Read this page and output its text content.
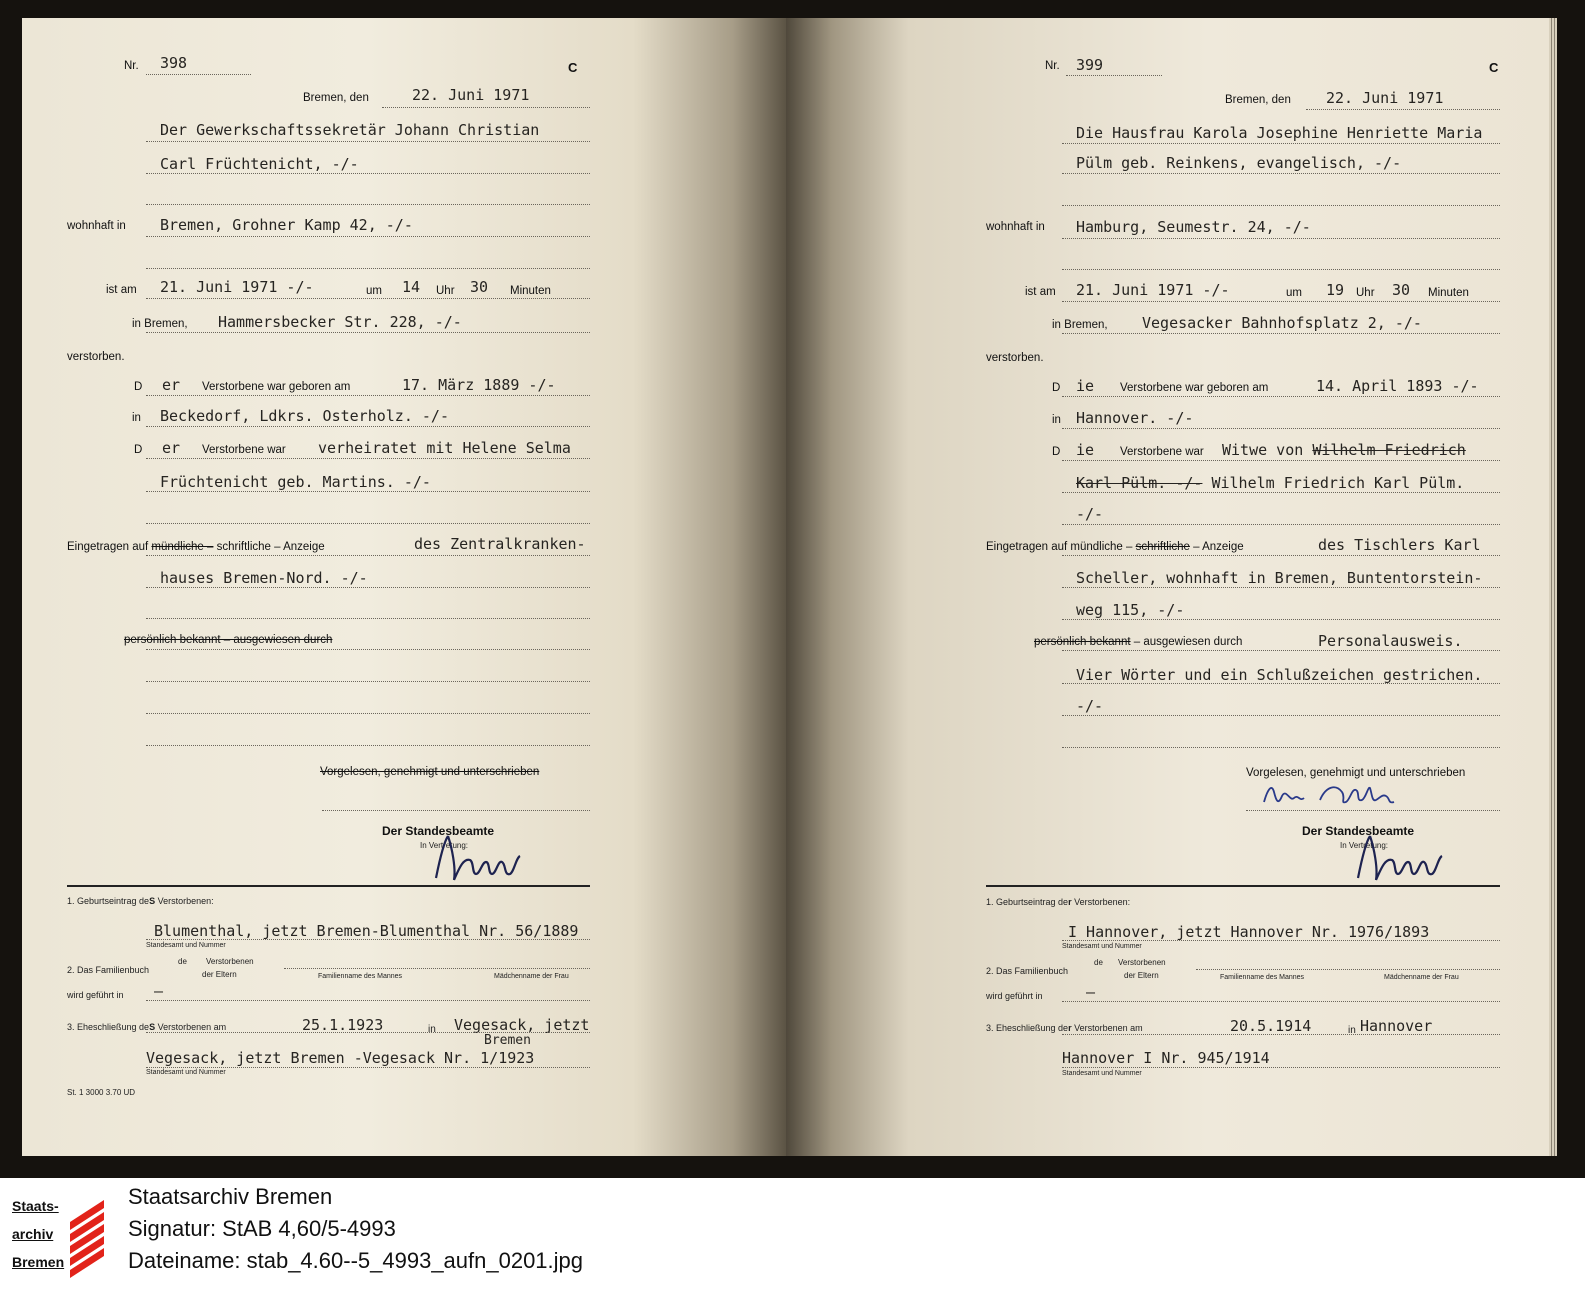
Nr. 398	C
Bremen, den	22. Juni 1971
Der Gewerkschaftssekretär Johann Christian
Carl Früchtenicht, -/-
wohnhaft in Bremen, Grohner Kamp 42, -/-
ist am 21. Juni 1971 -/-	um 14 Uhr 30 Minuten
in Bremen, Hammersbecker Str. 228, -/-
verstorben.
D er Verstorbene war geboren am	17. März 1889 -/-
in Beckedorf, Ldkrs. Osterholz. -/-
D er Verstorbene war verheiratet mit Helene Selma
Früchtenicht geb. Martins. -/-
Eingetragen auf mündliche – schriftliche – Anzeige	des Zentralkranken-
hauses Bremen-Nord. -/-
persönlich bekannt – ausgewiesen durch
Vorgelesen, genehmigt und unterschrieben
Der Standesbeamte
In Vertretung:
1. Geburtseintrag deS Verstorbenen:
Blumenthal, jetzt Bremen-Blumenthal Nr. 56/1889
Standesamt und Nummer
2. Das Familienbuch
de Verstorbenen
der Eltern	Familienname des Mannes	Mädchenname der Frau
wird geführt in –
3. Eheschließung deS Verstorbenen am	25.1.1923	in Vegesack, jetzt
Bremen
Vegesack, jetzt Bremen -Vegesack Nr. 1/1923
Standesamt und Nummer
St. 1 3000 3.70 UD
Nr. 399	C
Bremen, den 22. Juni 1971
Die Hausfrau Karola Josephine Henriette Maria
Pülm geb. Reinkens, evangelisch, -/-
wohnhaft in Hamburg, Seumestr. 24, -/-
ist am 21. Juni 1971 -/-	um 19 Uhr 30 Minuten
in Bremen, Vegesacker Bahnhofsplatz 2, -/-
verstorben.
D ie Verstorbene war geboren am	14. April 1893 -/-
in Hannover. -/-
D ie Verstorbene war Witwe von Wilhelm Friedrich
Karl Pülm. -/- Wilhelm Friedrich Karl Pülm.
-/-
Eingetragen auf mündliche – schriftliche – Anzeige	des Tischlers Karl
Scheller, wohnhaft in Bremen, Buntentorstein-
weg 115, -/-
persönlich bekannt – ausgewiesen durch	Personalausweis.
Vier Wörter und ein Schlußzeichen gestrichen.
-/-
Vorgelesen, genehmigt und unterschrieben
Der Standesbeamte
In Vertretung:
1. Geburtseintrag der Verstorbenen:
I Hannover, jetzt Hannover Nr. 1976/1893
Standesamt und Nummer
2. Das Familienbuch
de Verstorbenen
der Eltern	Familienname des Mannes	Mädchenname der Frau
wird geführt in	–
3. Eheschließung der Verstorbenen am	20.5.1914	in Hannover
Hannover I Nr. 945/1914
Standesamt und Nummer
Staats-
archiv
Bremen
Staatsarchiv Bremen
Signatur: StAB 4,60/5-4993
Dateiname: stab_4.60--5_4993_aufn_0201.jpg
